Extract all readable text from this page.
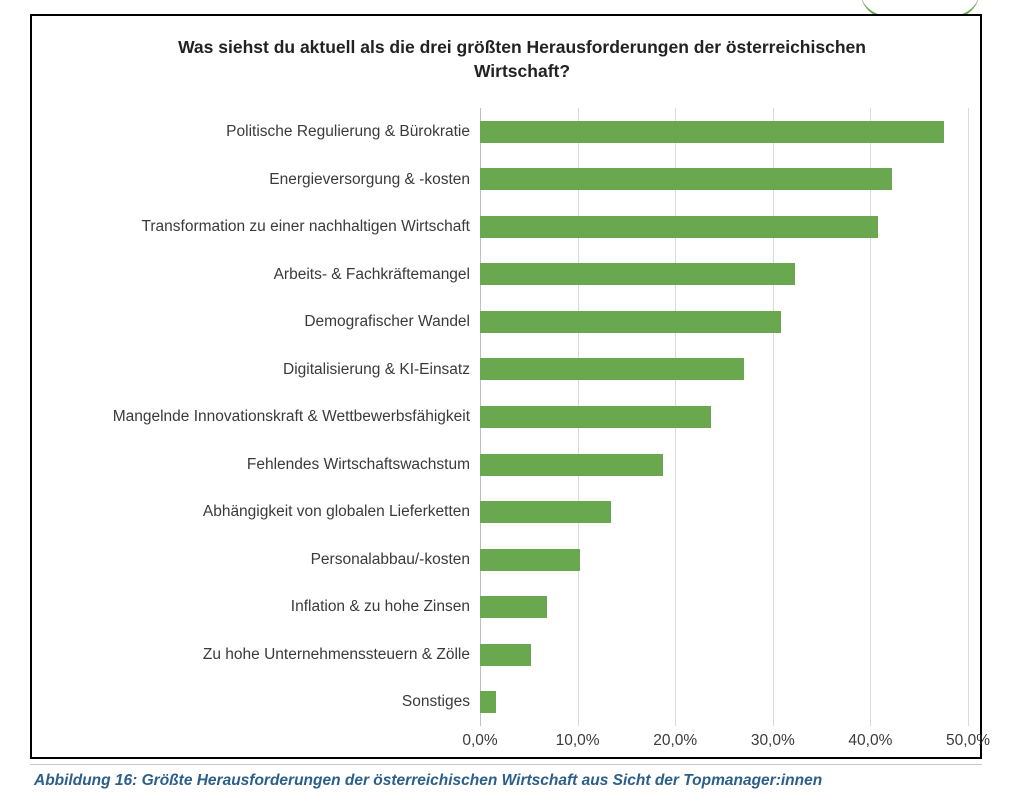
Was siehst du aktuell als die drei größten Herausforderungen der österreichischen Wirtschaft?
Politische Regulierung & Bürokratie
Energieversorgung & -kosten
Transformation zu einer nachhaltigen Wirtschaft
Arbeits- & Fachkräftemangel
Demografischer Wandel
Digitalisierung & KI-Einsatz
Mangelnde Innovationskraft & Wettbewerbsfähigkeit
Fehlendes Wirtschaftswachstum
Abhängigkeit von globalen Lieferketten
Personalabbau/-kosten
Inflation & zu hohe Zinsen
Zu hohe Unternehmenssteuern & Zölle
Sonstiges
0,0%	10,0%	20,0%	30,0%	40,0%	50,0%
Abbildung 16: Größte Herausforderungen der österreichischen Wirtschaft aus Sicht der Topmanager:innen
